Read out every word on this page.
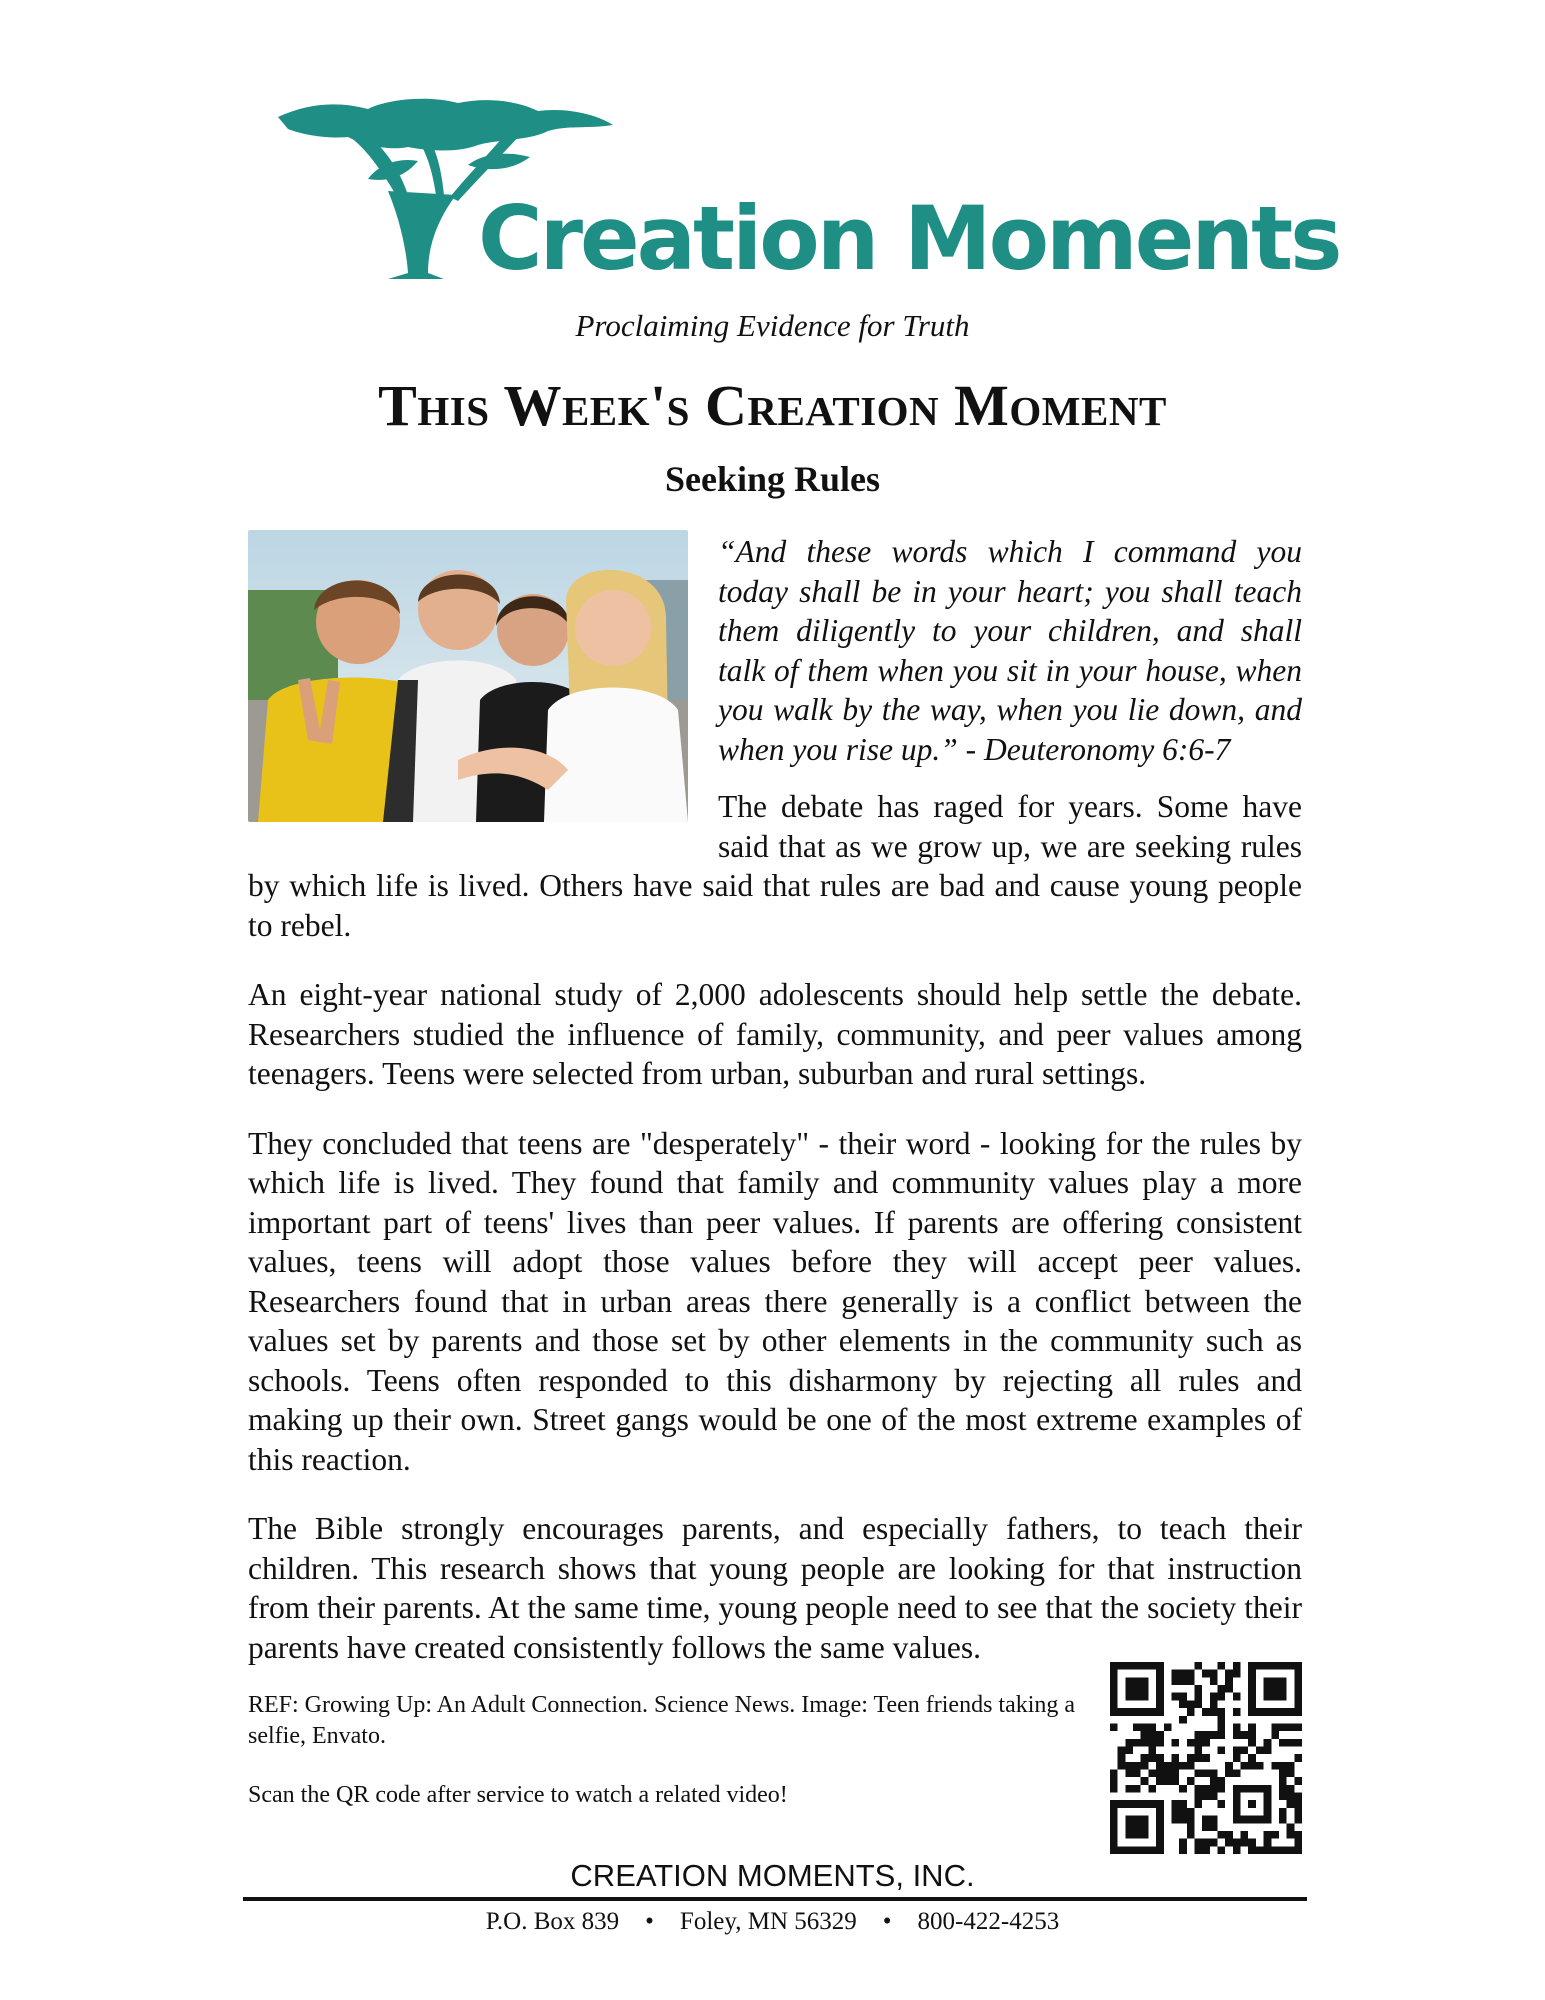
Creation Moments
Proclaiming Evidence for Truth
This Week's Creation Moment
Seeking Rules

“And these words which I command you today shall be in your heart; you shall teach them diligently to your children, and shall talk of them when you sit in your house, when you walk by the way, when you lie down, and when you rise up.” - Deuteronomy 6:6-7

The debate has raged for years. Some have said that as we grow up, we are seeking rules by which life is lived. Others have said that rules are bad and cause young people to rebel.

An eight-year national study of 2,000 adolescents should help settle the debate. Researchers studied the influence of family, community, and peer values among teenagers. Teens were selected from urban, suburban and rural settings.

They concluded that teens are "desperately" - their word - looking for the rules by which life is lived. They found that family and community values play a more important part of teens' lives than peer values. If parents are offering consistent values, teens will adopt those values before they will accept peer values. Researchers found that in urban areas there generally is a conflict between the values set by parents and those set by other elements in the community such as schools. Teens often responded to this disharmony by rejecting all rules and making up their own. Street gangs would be one of the most extreme examples of this reaction.

The Bible strongly encourages parents, and especially fathers, to teach their children. This research shows that young people are looking for that instruction from their parents. At the same time, young people need to see that the society their parents have created consistently follows the same values.

REF: Growing Up: An Adult Connection. Science News. Image: Teen friends taking a selfie, Envato.
Scan the QR code after service to watch a related video!
CREATION MOMENTS, INC.
P.O. Box 839 • Foley, MN 56329 • 800-422-4253
